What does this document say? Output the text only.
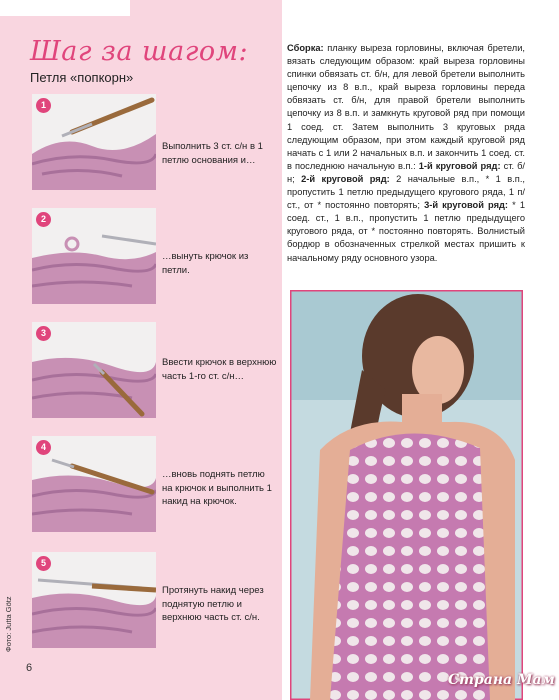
Шаг за шагом:
Петля «попкорн»
1
Выполнить 3 ст. с/н в 1 петлю основания и…
2
…вынуть крючок из петли.
3
Ввести крючок в верхнюю часть 1-го ст. с/н…
4
…вновь поднять петлю на крючок и выполнить 1 накид на крючок.
5
Протянуть накид через поднятую петлю и верхнюю часть ст. с/н.
Фото: Jutta Götz
6
Сборка: планку выреза горловины, включая бретели, вязать следующим образом: край выреза горловины спинки обвязать ст. б/н, для левой бретели выполнить цепочку из 8 в.п., край выреза горловины переда обвязать ст. б/н, для правой бретели выполнить цепочку из 8 в.п. и замкнуть круговой ряд при помощи 1 соед. ст. Затем выполнить 3 круговых ряда следующим образом, при этом каждый круговой ряд начать с 1 или 2 начальных в.п. и закончить 1 соед. ст. в последнюю начальную в.п.: 1-й круговой ряд: ст. б/н; 2-й круговой ряд: 2 начальные в.п., * 1 в.п., пропустить 1 петлю предыдущего кругового ряда, 1 п/ст., от * постоянно повторять; 3-й круговой ряд: * 1 соед. ст., 1 в.п., пропустить 1 петлю предыдущего кругового ряда, от * постоянно повторять. Волнистый бордюр в обозначенных стрелкой местах пришить к начальному ряду основного узора.
Страна Мам
